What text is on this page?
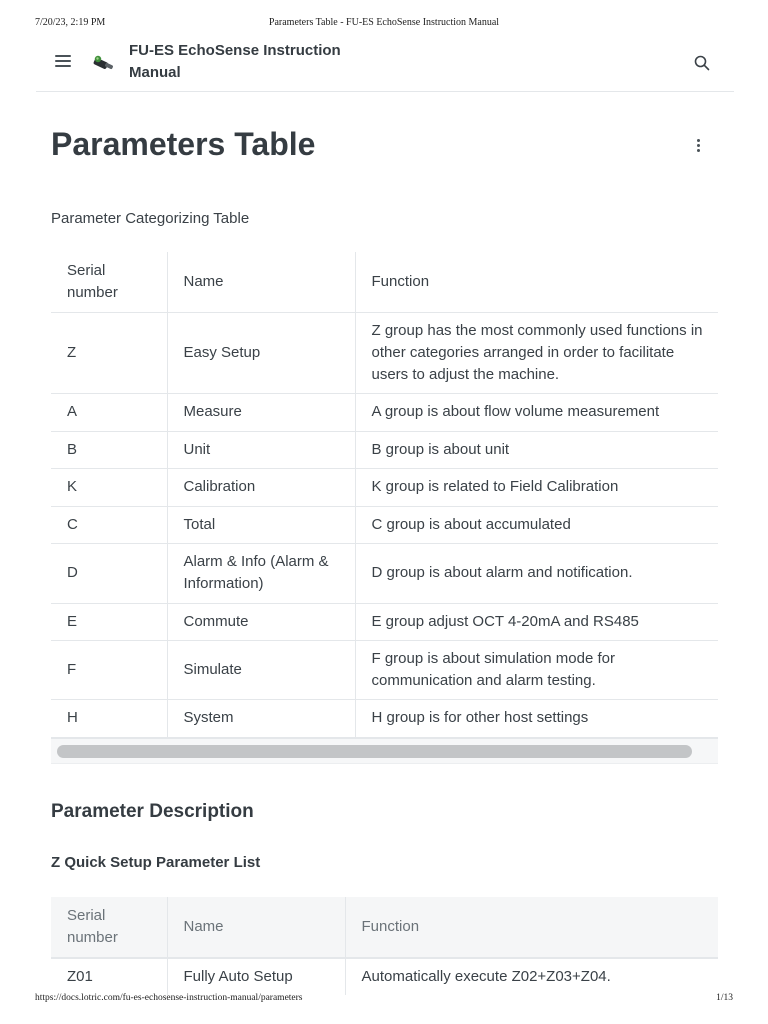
7/20/23, 2:19 PM	Parameters Table - FU-ES EchoSense Instruction Manual
FU-ES EchoSense Instruction Manual
Parameters Table

Parameter Categorizing Table

Serial number	Name	Function
Z	Easy Setup	Z group has the most commonly used functions in other categories arranged in order to facilitate users to adjust the machine.
A	Measure	A group is about flow volume measurement
B	Unit	B group is about unit
K	Calibration	K group is related to Field Calibration
C	Total	C group is about accumulated
D	Alarm & Info (Alarm & Information)	D group is about alarm and notification.
E	Commute	E group adjust OCT 4-20mA and RS485
F	Simulate	F group is about simulation mode for communication and alarm testing.
H	System	H group is for other host settings
Parameter Description
Z Quick Setup Parameter List
Serial number	Name	Function
Z01	Fully Auto Setup	Automatically execute Z02+Z03+Z04.
https://docs.lotric.com/fu-es-echosense-instruction-manual/parameters	1/13
